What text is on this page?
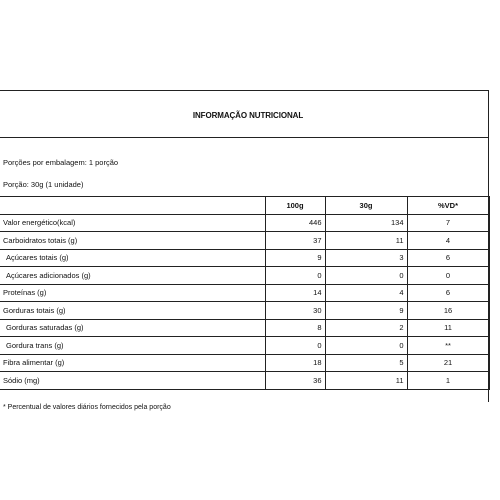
INFORMAÇÃO NUTRICIONAL
Porções por embalagem: 1 porção
Porção: 30g (1 unidade)
	100g	30g	%VD*
Valor energético(kcal)	446	134	7
Carboidratos totais (g)	37	11	4
Açúcares totais (g)	9	3	6
Açúcares adicionados (g)	0	0	0
Proteínas (g)	14	4	6
Gorduras totais (g)	30	9	16
Gorduras saturadas (g)	8	2	11
Gordura trans (g)	0	0	**
Fibra alimentar (g)	18	5	21
Sódio (mg)	36	11	1
* Percentual de valores diários fornecidos pela porção
